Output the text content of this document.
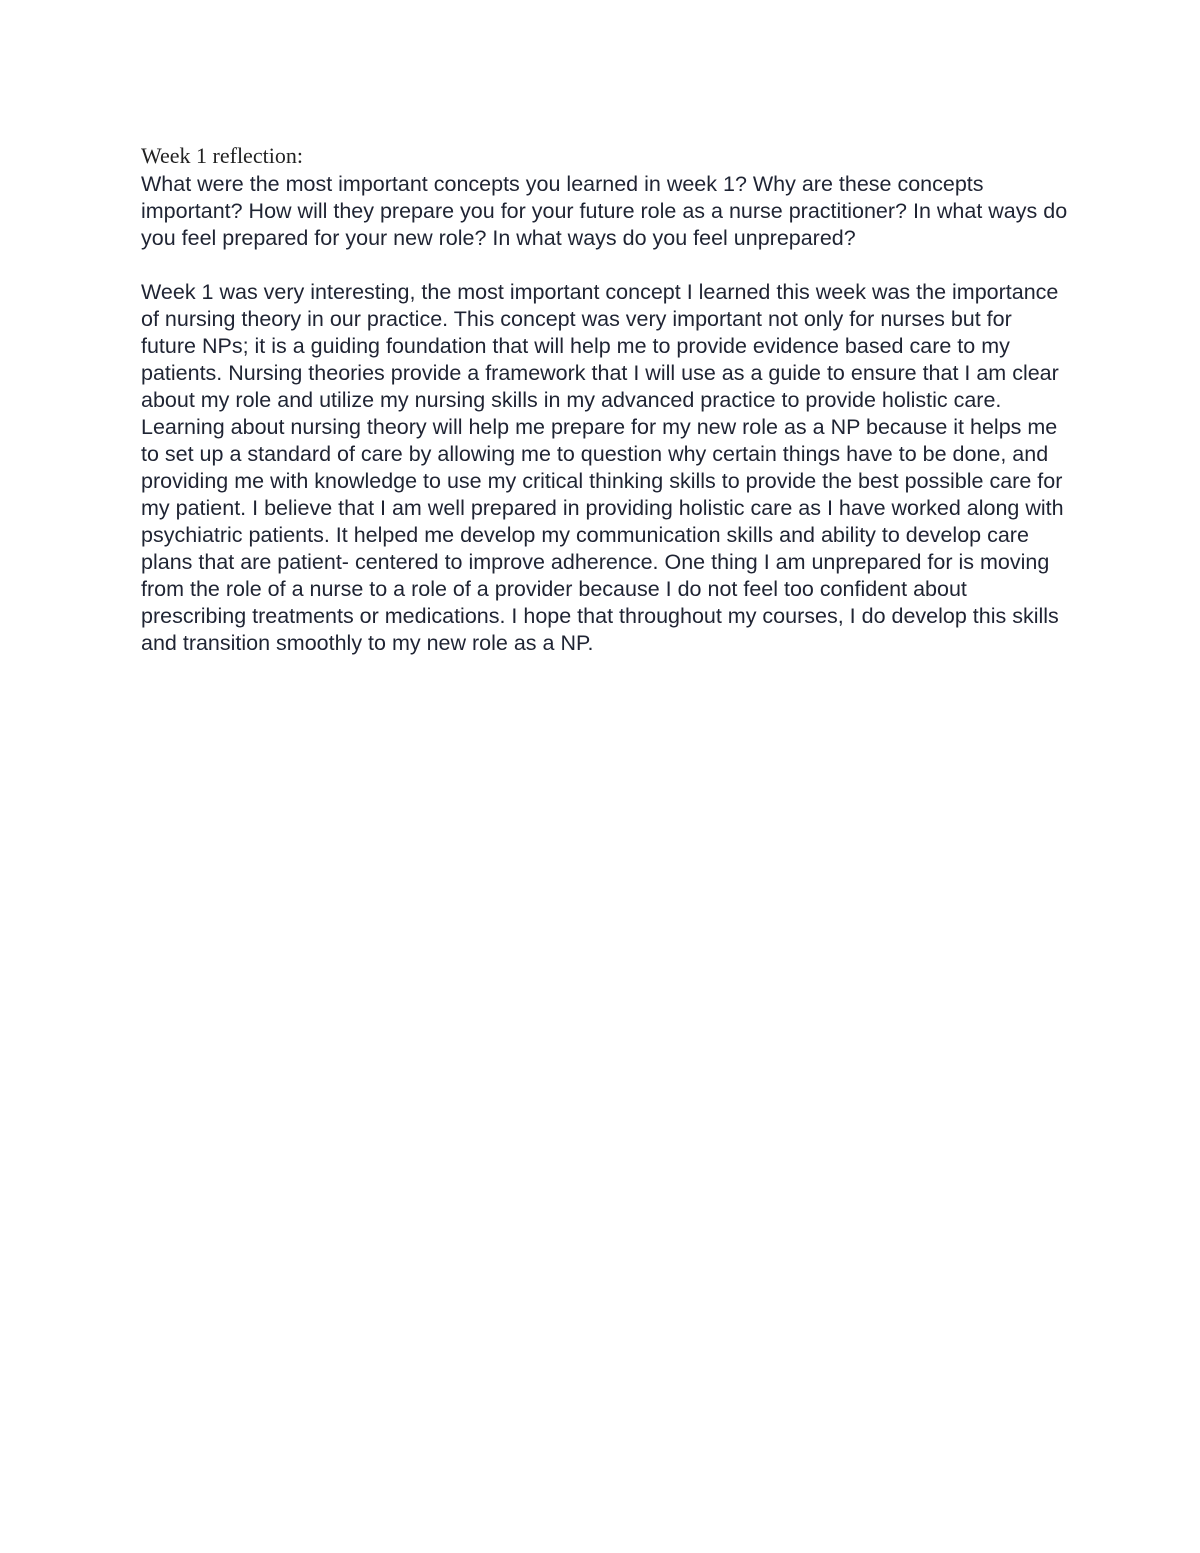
Week 1 reflection:

What were the most important concepts you learned in week 1? Why are these concepts important? How will they prepare you for your future role as a nurse practitioner? In what ways do you feel prepared for your new role? In what ways do you feel unprepared?

Week 1 was very interesting, the most important concept I learned this week was the importance of nursing theory in our practice. This concept was very important not only for nurses but for future NPs; it is a guiding foundation that will help me to provide evidence based care to my patients. Nursing theories provide a framework that I will use as a guide to ensure that I am clear about my role and utilize my nursing skills in my advanced practice to provide holistic care. Learning about nursing theory will help me prepare for my new role as a NP because it helps me to set up a standard of care by allowing me to question why certain things have to be done, and providing me with knowledge to use my critical thinking skills to provide the best possible care for my patient. I believe that I am well prepared in providing holistic care as I have worked along with psychiatric patients. It helped me develop my communication skills and ability to develop care plans that are patient- centered to improve adherence. One thing I am unprepared for is moving from the role of a nurse to a role of a provider because I do not feel too confident about prescribing treatments or medications. I hope that throughout my courses, I do develop this skills and transition smoothly to my new role as a NP.
